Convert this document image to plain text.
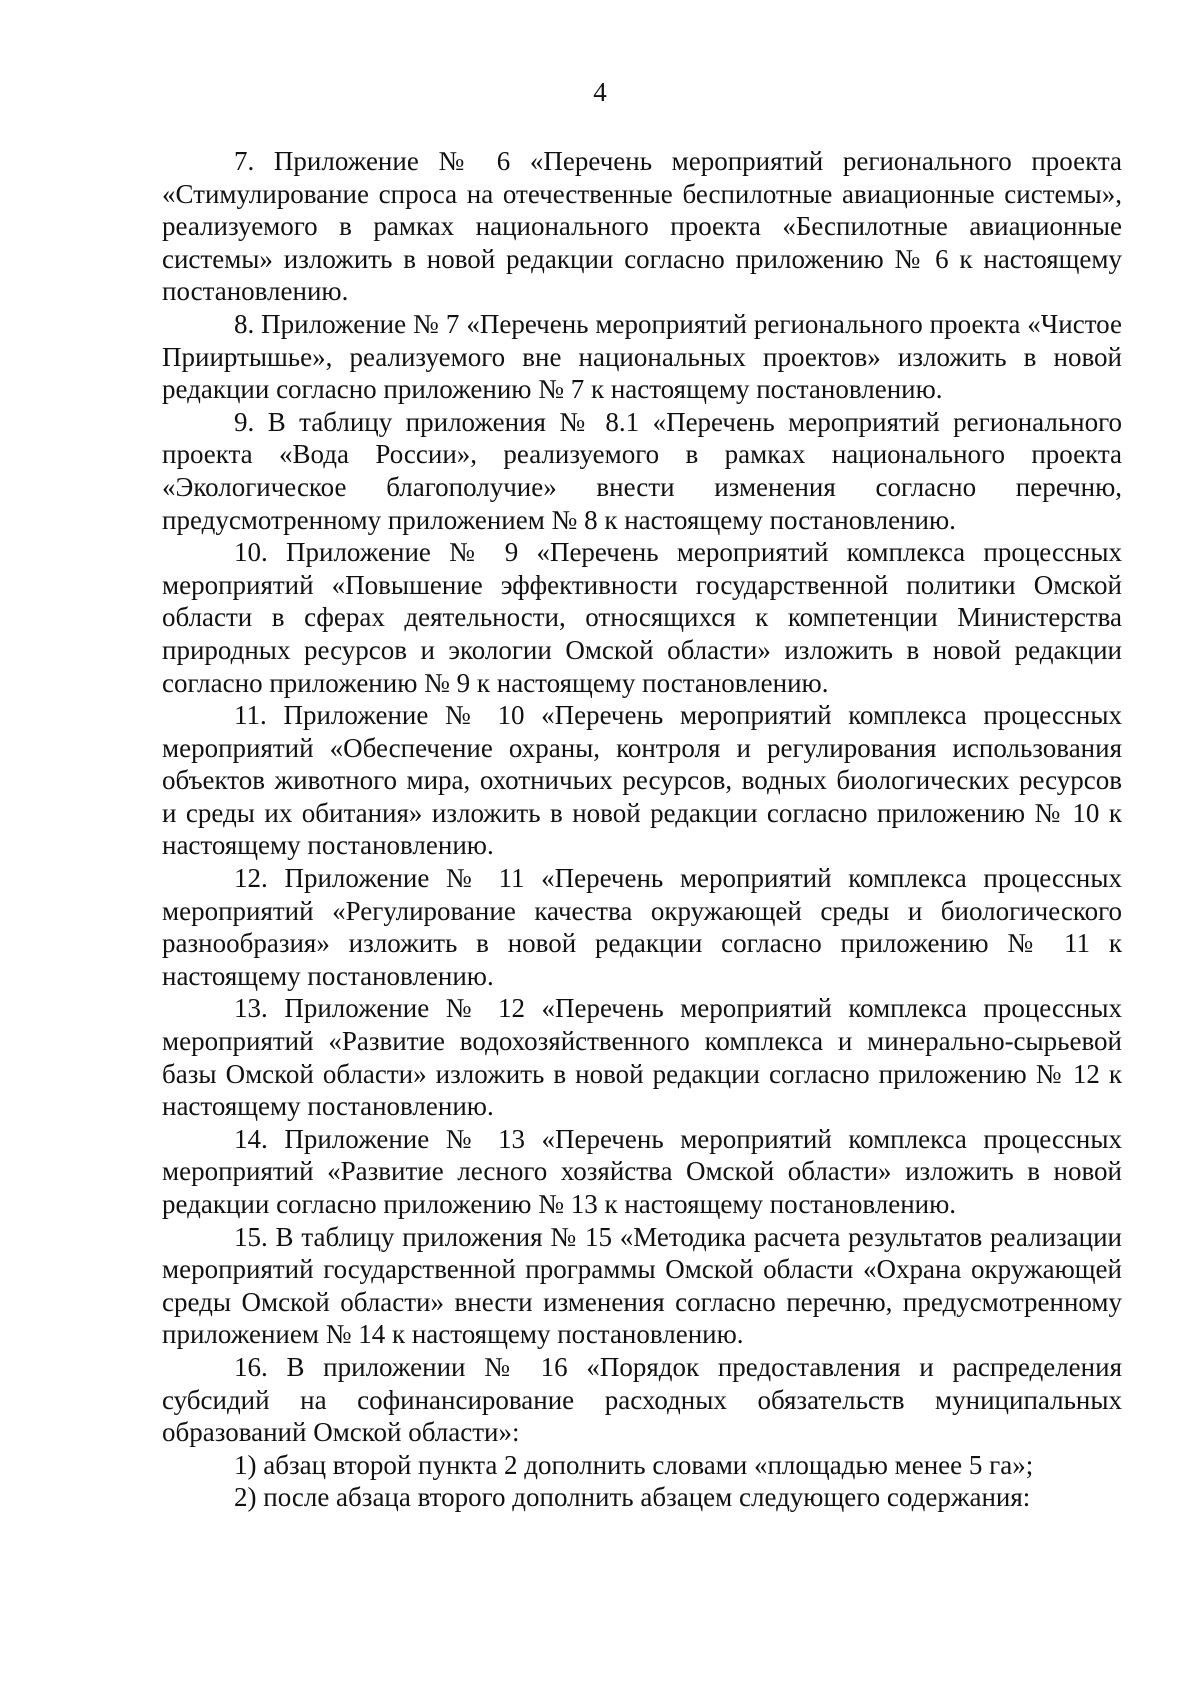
4

7. Приложение № 6 «Перечень мероприятий регионального проекта «Стимулирование спроса на отечественные беспилотные авиационные системы», реализуемого в рамках национального проекта «Беспилотные авиационные системы» изложить в новой редакции согласно приложению № 6 к настоящему постановлению.

8. Приложение № 7 «Перечень мероприятий регионального проекта «Чистое Прииртышье», реализуемого вне национальных проектов» изложить в новой редакции согласно приложению № 7 к настоящему постановлению.

9. В таблицу приложения № 8.1 «Перечень мероприятий регионального проекта «Вода России», реализуемого в рамках национального проекта «Экологическое благополучие» внести изменения согласно перечню, предусмотренному приложением № 8 к настоящему постановлению.

10. Приложение № 9 «Перечень мероприятий комплекса процессных мероприятий «Повышение эффективности государственной политики Омской области в сферах деятельности, относящихся к компетенции Министерства природных ресурсов и экологии Омской области» изложить в новой редакции согласно приложению № 9 к настоящему постановлению.

11. Приложение № 10 «Перечень мероприятий комплекса процессных мероприятий «Обеспечение охраны, контроля и регулирования использования объектов животного мира, охотничьих ресурсов, водных биологических ресурсов и среды их обитания» изложить в новой редакции согласно приложению № 10 к настоящему постановлению.

12. Приложение № 11 «Перечень мероприятий комплекса процессных мероприятий «Регулирование качества окружающей среды и биологического разнообразия» изложить в новой редакции согласно приложению № 11 к настоящему постановлению.

13. Приложение № 12 «Перечень мероприятий комплекса процессных мероприятий «Развитие водохозяйственного комплекса и минерально-сырьевой базы Омской области» изложить в новой редакции согласно приложению № 12 к настоящему постановлению.

14. Приложение № 13 «Перечень мероприятий комплекса процессных мероприятий «Развитие лесного хозяйства Омской области» изложить в новой редакции согласно приложению № 13 к настоящему постановлению.

15. В таблицу приложения № 15 «Методика расчета результатов реализации мероприятий государственной программы Омской области «Охрана окружающей среды Омской области» внести изменения согласно перечню, предусмотренному приложением № 14 к настоящему постановлению.

16. В приложении № 16 «Порядок предоставления и распределения субсидий на софинансирование расходных обязательств муниципальных образований Омской области»:

1) абзац второй пункта 2 дополнить словами «площадью менее 5 га»;

2) после абзаца второго дополнить абзацем следующего содержания:
